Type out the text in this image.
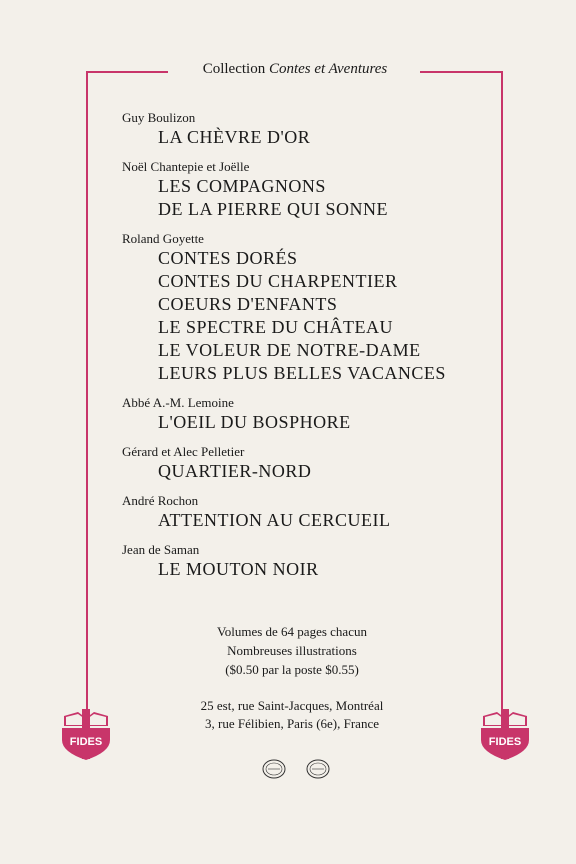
Collection Contes et Aventures
Guy Boulizon
LA CHÈVRE D'OR
Noël Chantepie et Joëlle
LES COMPAGNONS
DE LA PIERRE QUI SONNE
Roland Goyette
CONTES DORÉS
CONTES DU CHARPENTIER
COEURS D'ENFANTS
LE SPECTRE DU CHÂTEAU
LE VOLEUR DE NOTRE-DAME
LEURS PLUS BELLES VACANCES
Abbé A.-M. Lemoine
L'OEIL DU BOSPHORE
Gérard et Alec Pelletier
QUARTIER-NORD
André Rochon
ATTENTION AU CERCUEIL
Jean de Saman
LE MOUTON NOIR
Volumes de 64 pages chacun
Nombreuses illustrations
($0.50 par la poste $0.55)
25 est, rue Saint-Jacques, Montréal
3, rue Félibien, Paris (6e), France
FIDES	FIDES
